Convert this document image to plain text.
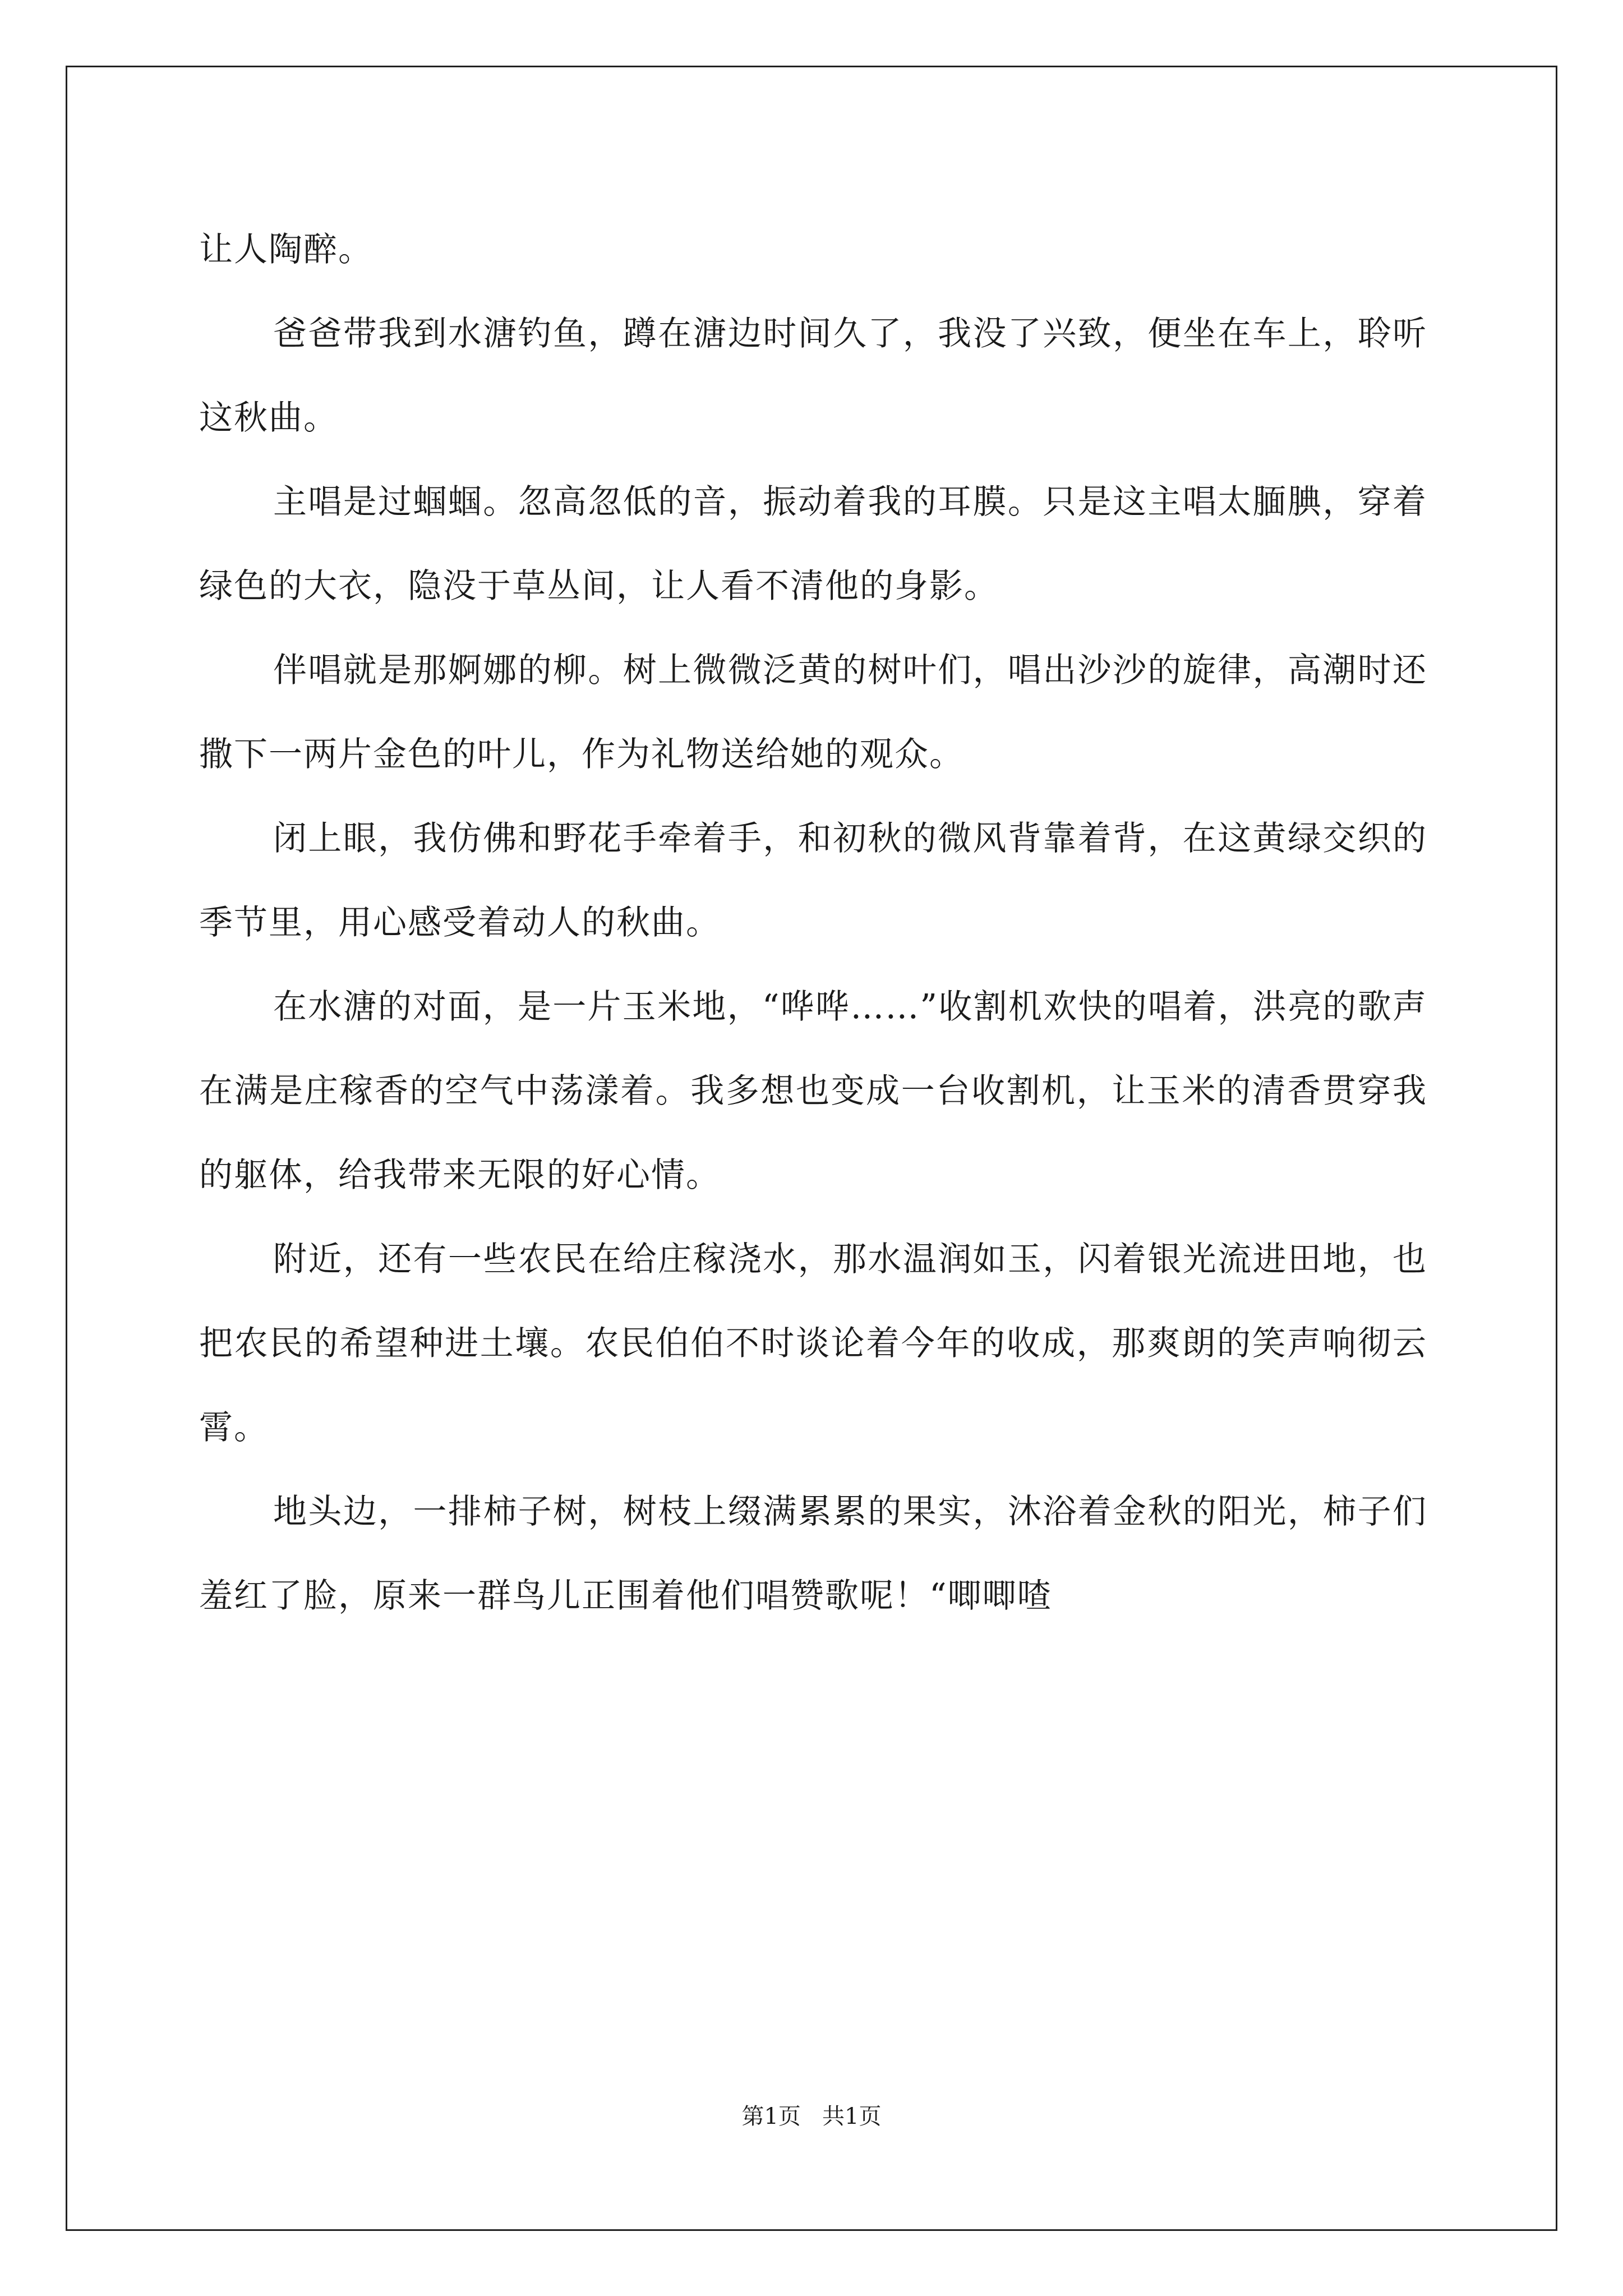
让人陶醉。

爸爸带我到水溏钓鱼，蹲在溏边时间久了，我没了兴致，便坐在车上，聆听这秋曲。

主唱是过蝈蝈。忽高忽低的音，振动着我的耳膜。只是这主唱太腼腆，穿着绿色的大衣，隐没于草丛间，让人看不清他的身影。

伴唱就是那婀娜的柳。树上微微泛黄的树叶们，唱出沙沙的旋律，高潮时还撒下一两片金色的叶儿，作为礼物送给她的观众。

闭上眼，我仿佛和野花手牵着手，和初秋的微风背靠着背，在这黄绿交织的季节里，用心感受着动人的秋曲。

在水溏的对面，是一片玉米地，“哗哗……”收割机欢快的唱着，洪亮的歌声在满是庄稼香的空气中荡漾着。我多想也变成一台收割机，让玉米的清香贯穿我的躯体，给我带来无限的好心情。

附近，还有一些农民在给庄稼浇水，那水温润如玉，闪着银光流进田地，也把农民的希望种进土壤。农民伯伯不时谈论着今年的收成，那爽朗的笑声响彻云霄。

地头边，一排柿子树，树枝上缀满累累的果实，沐浴着金秋的阳光，柿子们羞红了脸，原来一群鸟儿正围着他们唱赞歌呢！“唧唧喳

第1页   共1页
